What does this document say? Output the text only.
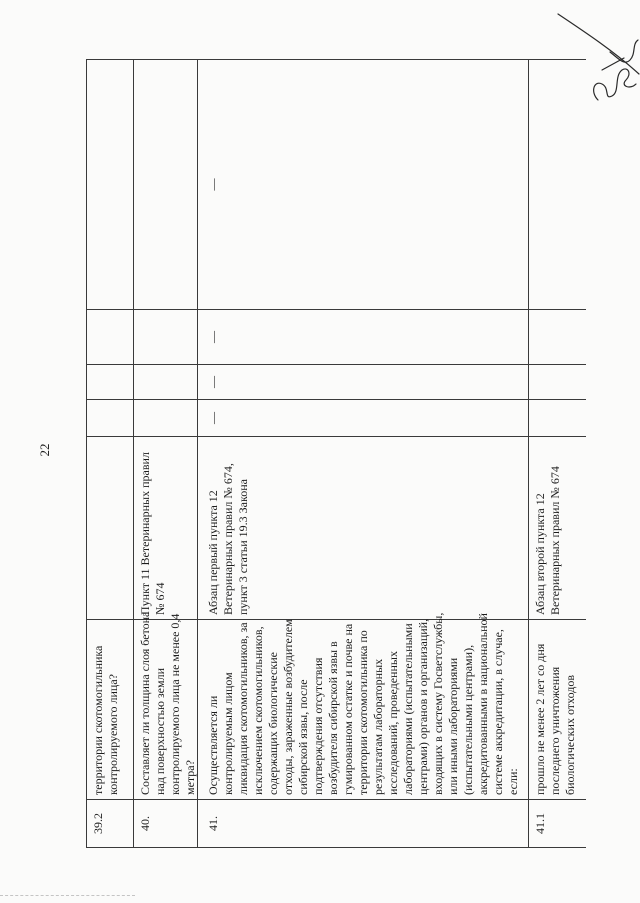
22
39.2
территории скотомогильника
контролируемого лица?
40.
Составляет ли толщина слоя бетона
над поверхностью земли
контролируемого лица не менее 0,4
метра?
Пункт 11 Ветеринарных правил
№ 674
41.
Осуществляется ли
контролируемым лицом
ликвидация скотомогильников, за
исключением скотомогильников,
содержащих биологические
отходы, зараженные возбудителем
сибирской язвы, после
подтверждения отсутствия
возбудителя сибирской язвы в
гумированном остатке и почве на
территории скотомогильника по
результатам лабораторных
исследований, проведенных
лабораториями (испытательными
центрами) органов и организаций,
входящих в систему Госветслужбы,
или иными лабораториями
(испытательными центрами),
аккредитованными в национальной
системе аккредитации, в случае,
если:
Абзац первый пункта 12
Ветеринарных правил № 674,
пункт 3 статьи 19.3 Закона
—
—
—
—
41.1
прошло не менее 2 лет со дня
последнего уничтожения
биологических отходов
Абзац второй пункта 12
Ветеринарных правил № 674
